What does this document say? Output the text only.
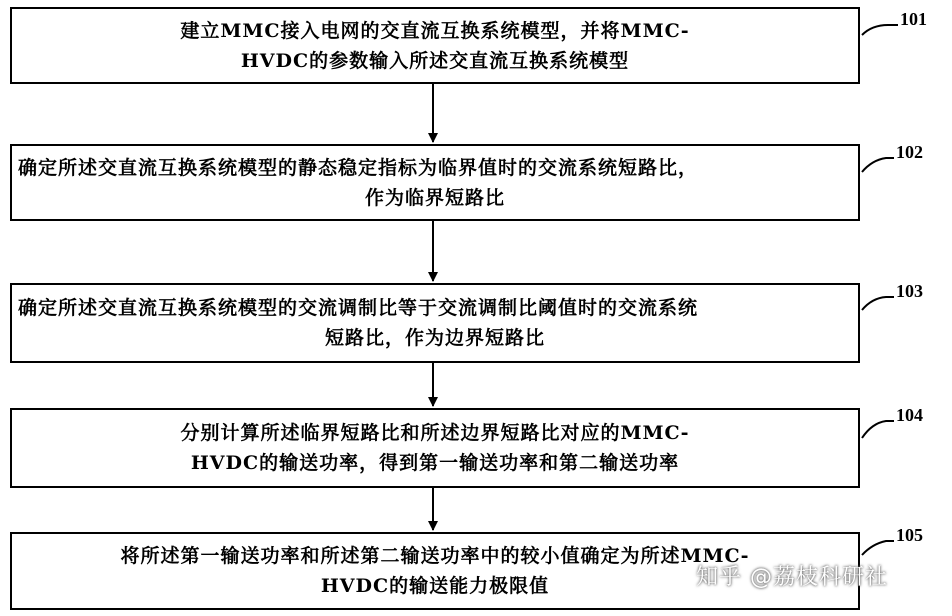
建立MMC接入电网的交直流互换系统模型，并将MMC-
HVDC的参数输入所述交直流互换系统模型
101
确定所述交直流互换系统模型的静态稳定指标为临界值时的交流系统短路比，
作为临界短路比
102
确定所述交直流互换系统模型的交流调制比等于交流调制比阈值时的交流系统
短路比，作为边界短路比
103
分别计算所述临界短路比和所述边界短路比对应的MMC-
HVDC的输送功率，得到第一输送功率和第二输送功率
104
将所述第一输送功率和所述第二输送功率中的较小值确定为所述MMC-
HVDC的输送能力极限值
105
知乎 @荔枝科研社
